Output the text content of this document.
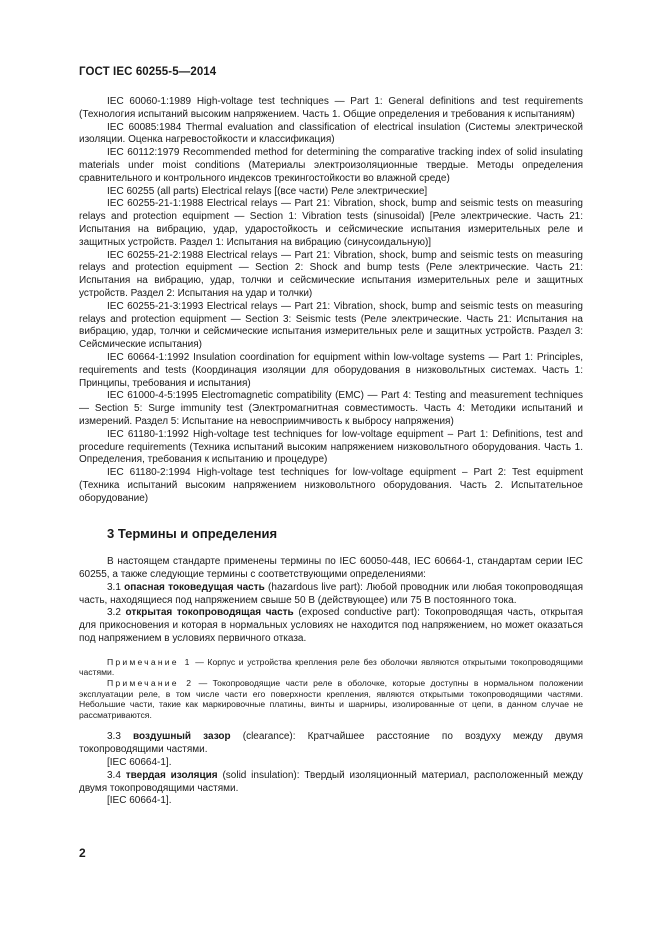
ГОСТ IEC 60255-5—2014

IEC 60060-1:1989 High-voltage test techniques — Part 1: General definitions and test requirements (Технология испытаний высоким напряжением. Часть 1. Общие определения и требования к испытаниям)

IEC 60085:1984 Thermal evaluation and classification of electrical insulation (Системы электрической изоляции. Оценка нагревостойкости и классификация)

IEC 60112:1979 Recommended method for determining the comparative tracking index of solid insulating materials under moist conditions (Материалы электроизоляционные твердые. Методы определения сравнительного и контрольного индексов трекингостойкости во влажной среде)

IEC 60255 (all parts) Electrical relays [(все части) Реле электрические]

IEC 60255-21-1:1988 Electrical relays — Part 21: Vibration, shock, bump and seismic tests on measuring relays and protection equipment — Section 1: Vibration tests (sinusoidal) [Реле электрические. Часть 21: Испытания на вибрацию, удар, ударостойкость и сейсмические испытания измерительных реле и защитных устройств. Раздел 1: Испытания на вибрацию (синусоидальную)]

IEC 60255-21-2:1988 Electrical relays — Part 21: Vibration, shock, bump and seismic tests on measuring relays and protection equipment — Section 2: Shock and bump tests (Реле электрические. Часть 21: Испытания на вибрацию, удар, толчки и сейсмические испытания измерительных реле и защитных устройств. Раздел 2: Испытания на удар и толчки)

IEC 60255-21-3:1993 Electrical relays — Part 21: Vibration, shock, bump and seismic tests on measuring relays and protection equipment — Section 3: Seismic tests (Реле электрические. Часть 21: Испытания на вибрацию, удар, толчки и сейсмические испытания измерительных реле и защитных устройств. Раздел 3: Сейсмические испытания)

IEC 60664-1:1992 Insulation coordination for equipment within low-voltage systems — Part 1: Principles, requirements and tests (Координация изоляции для оборудования в низковольтных системах. Часть 1: Принципы, требования и испытания)

IEC 61000-4-5:1995 Electromagnetic compatibility (EMC) — Part 4: Testing and measurement techniques — Section 5: Surge immunity test (Электромагнитная совместимость. Часть 4: Методики испытаний и измерений. Раздел 5: Испытание на невосприимчивость к выбросу напряжения)

IEC 61180-1:1992 High-voltage test techniques for low-voltage equipment – Part 1: Definitions, test and procedure requirements (Техника испытаний высоким напряжением низковольтного оборудования. Часть 1. Определения, требования к испытанию и процедуре)

IEC 61180-2:1994 High-voltage test techniques for low-voltage equipment – Part 2: Test equipment (Техника испытаний высоким напряжением низковольтного оборудования. Часть 2. Испытательное оборудование)

3 Термины и определения

В настоящем стандарте применены термины по IEC 60050-448, IEC 60664-1, стандартам серии IEC 60255, а также следующие термины с соответствующими определениями:

3.1 опасная токоведущая часть (hazardous live part): Любой проводник или любая токопроводящая часть, находящиеся под напряжением свыше 50 В (действующее) или 75 В постоянного тока.

3.2 открытая токопроводящая часть (exposed conductive part): Токопроводящая часть, открытая для прикосновения и которая в нормальных условиях не находится под напряжением, но может оказаться под напряжением в условиях первичного отказа.

Примечание 1 — Корпус и устройства крепления реле без оболочки являются открытыми токопроводящими частями.

Примечание 2 — Токопроводящие части реле в оболочке, которые доступны в нормальном положении эксплуатации реле, в том числе части его поверхности крепления, являются открытыми токопроводящими частями. Небольшие части, такие как маркировочные платины, винты и шарниры, изолированные от цепи, в данном случае не рассматриваются.

3.3 воздушный зазор (clearance): Кратчайшее расстояние по воздуху между двумя токопроводящими частями.

[IEC 60664-1].

3.4 твердая изоляция (solid insulation): Твердый изоляционный материал, расположенный между двумя токопроводящими частями.

[IEC 60664-1].

2
